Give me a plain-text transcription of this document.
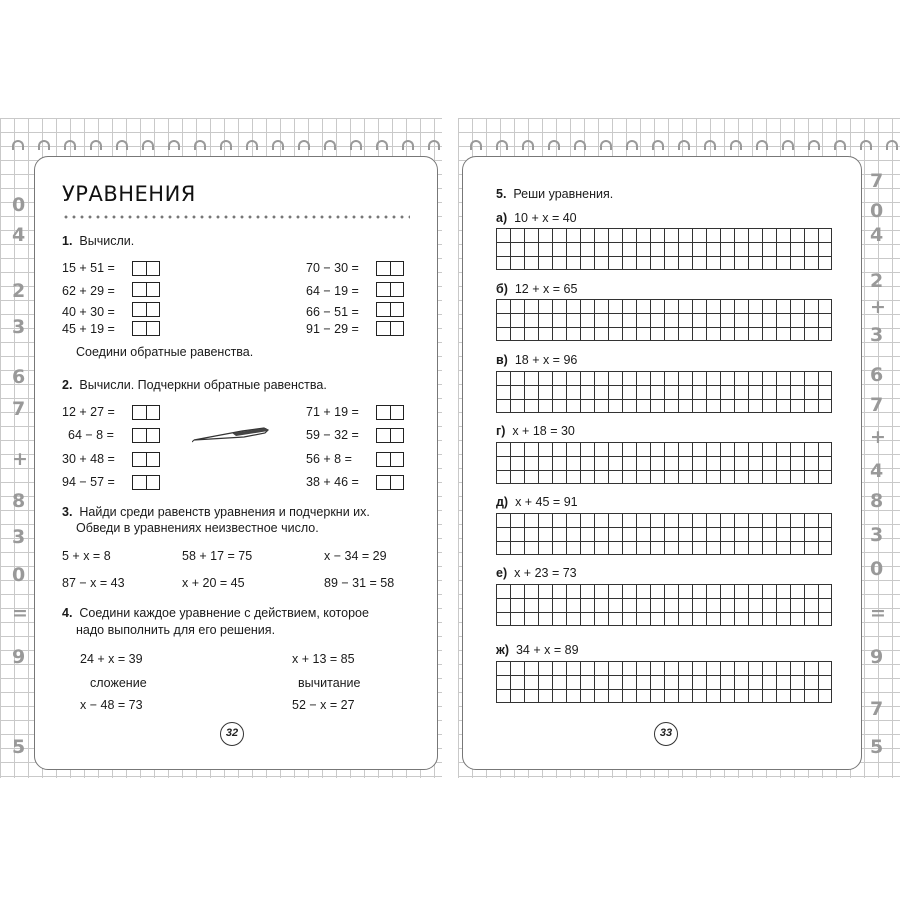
0
4
2
3
6
7
+
8
3
0
=
9
5
7
0
4
2
+
3
6
7
+
4
8
3
0
=
9
7
5
УРАВНЕНИЯ
1. Вычисли.
15 + 51 =
62 + 29 =
40 + 30 =
45 + 19 =
70 − 30 =
64 − 19 =
66 − 51 =
91 − 29 =
Соедини обратные равенства.
2. Вычисли. Подчеркни обратные равенства.
12 + 27 =
64 − 8 =
30 + 48 =
94 − 57 =
71 + 19 =
59 − 32 =
56 + 8 =
38 + 46 =
3. Найди среди равенств уравнения и подчеркни их.
Обведи в уравнениях неизвестное число.
5 + x = 8	58 + 17 = 75	x − 34 = 29
87 − x = 43	x + 20 = 45	89 − 31 = 58
4. Соедини каждое уравнение с действием, которое
надо выполнить для его решения.
24 + x = 39	x + 13 = 85
сложение	вычитание
x − 48 = 73	52 − x = 27
32
5. Реши уравнения.
а) 10 + x = 40
б) 12 + x = 65
в) 18 + x = 96
г) x + 18 = 30
д) x + 45 = 91
е) x + 23 = 73
ж) 34 + x = 89
33
